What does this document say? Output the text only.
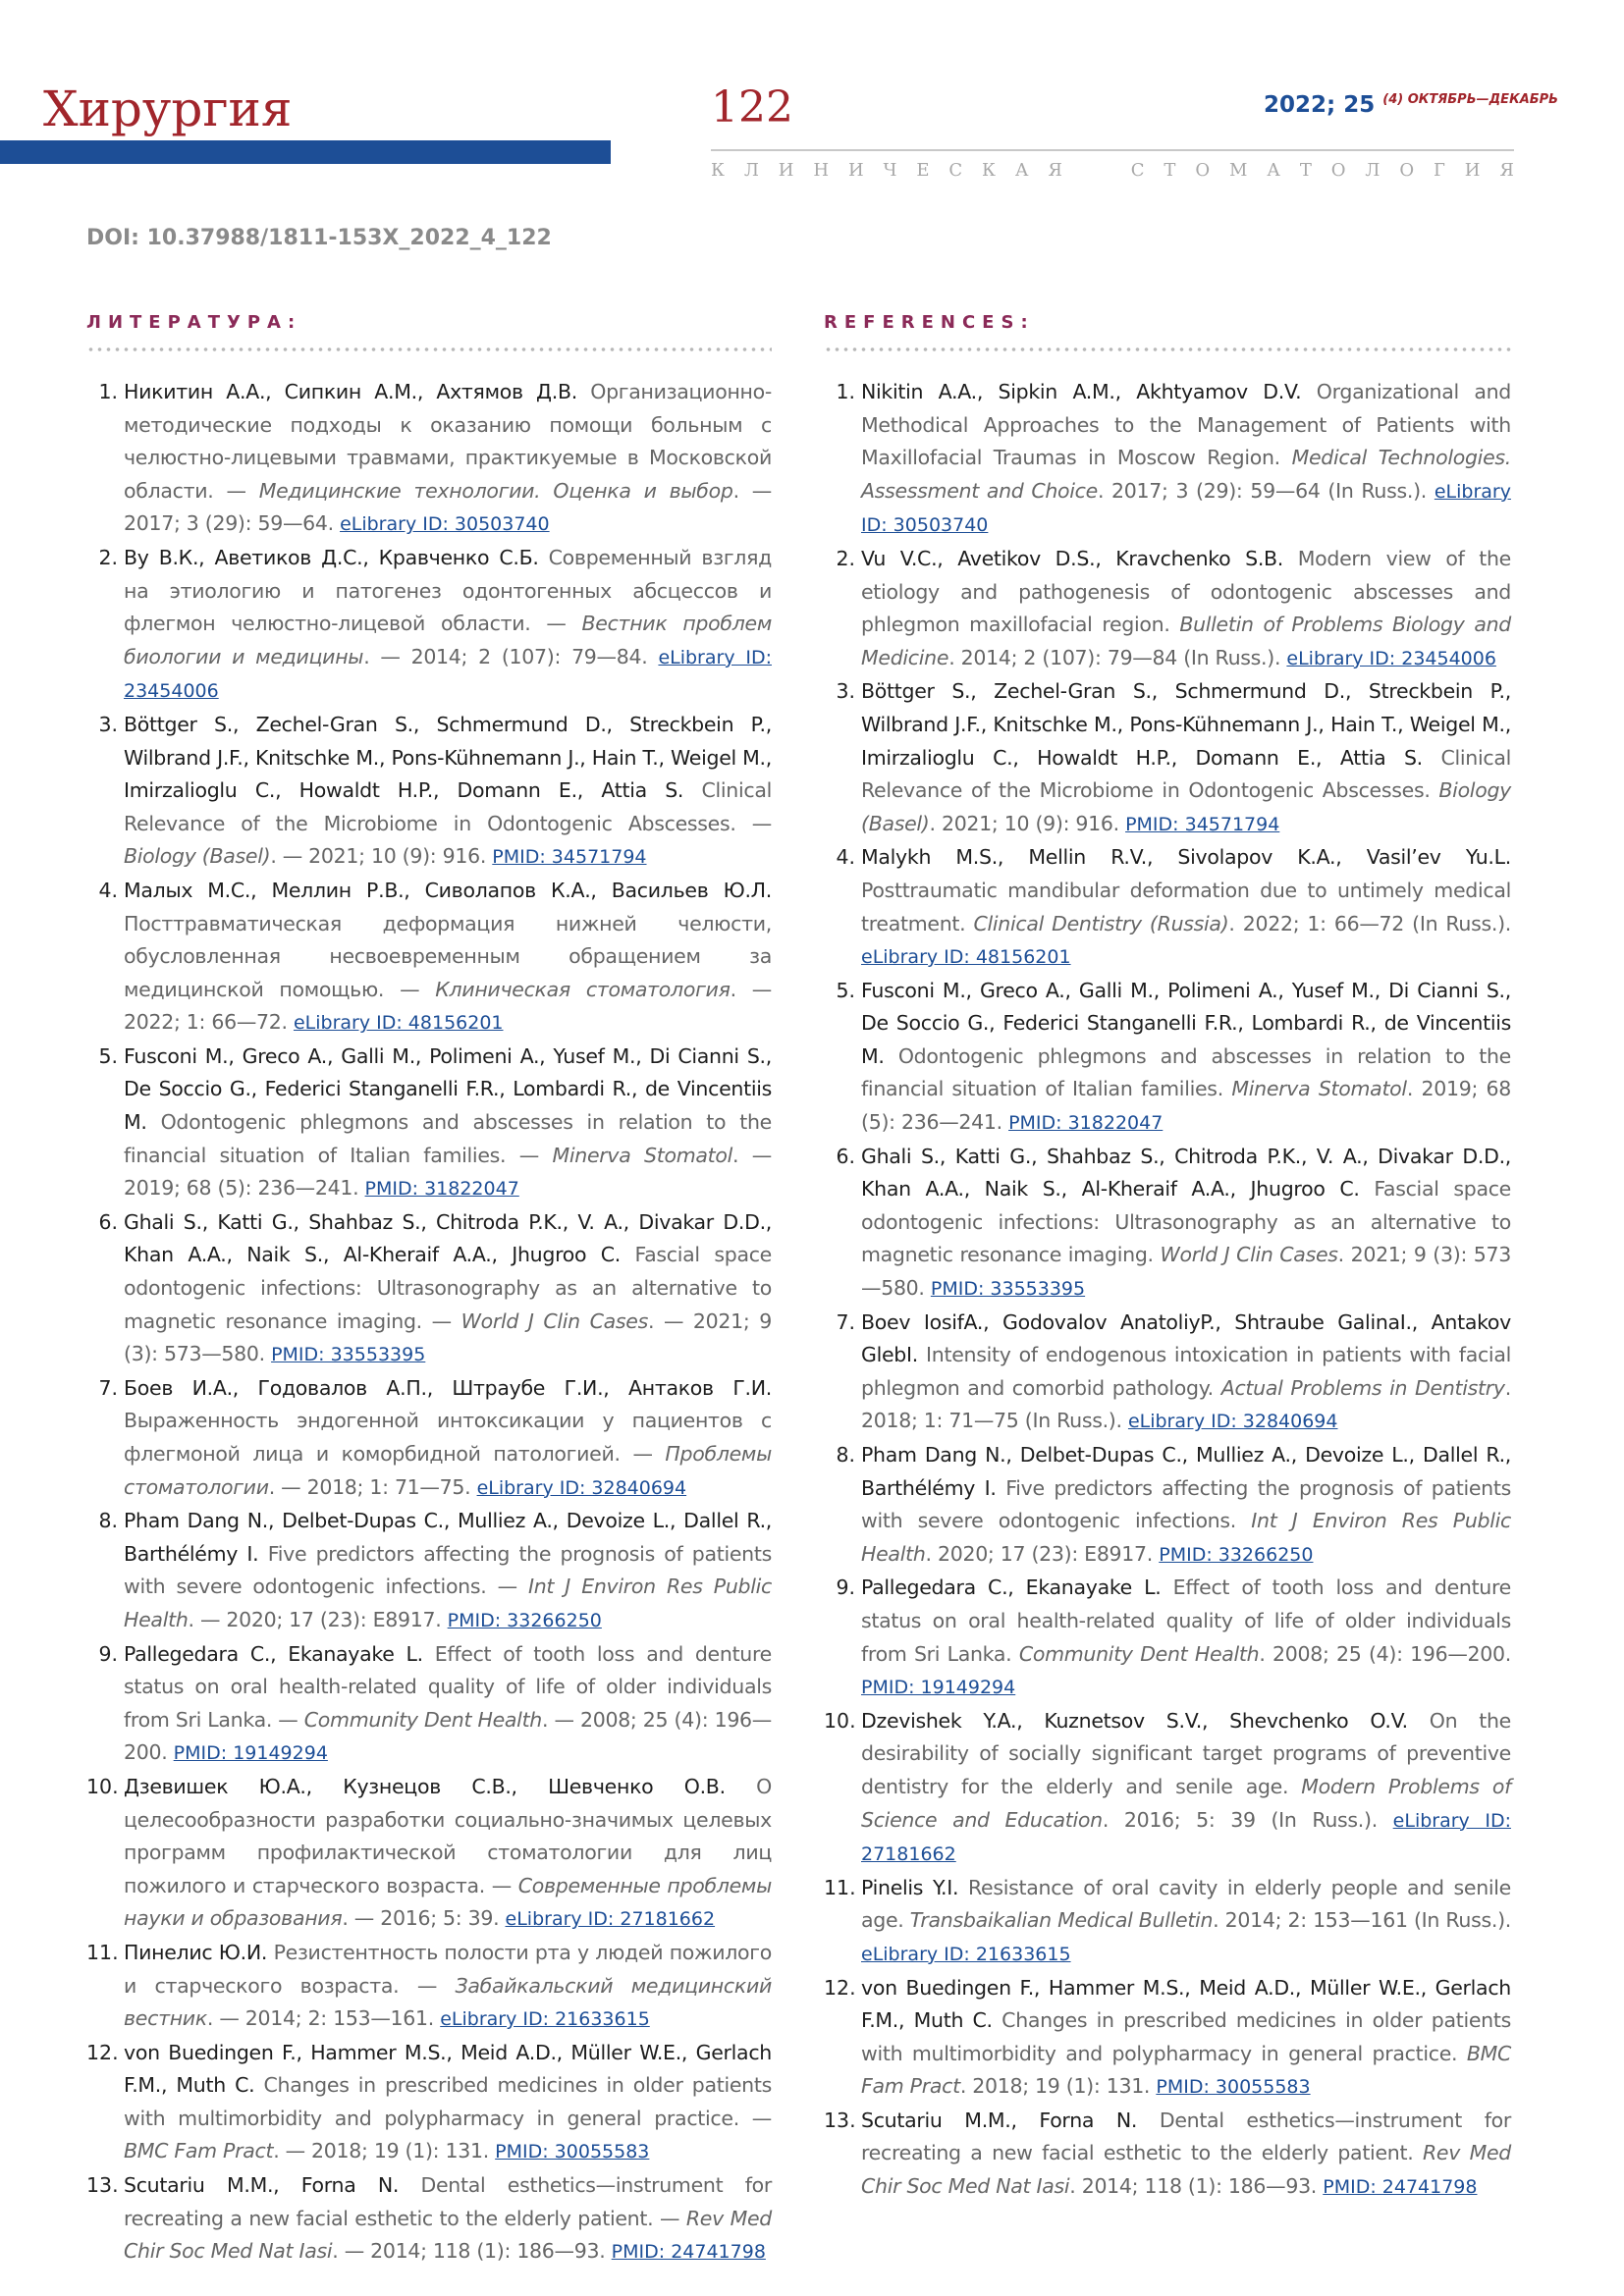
Хирургия	122	2022; 25 $^{(4) ОКТЯБРЬ—ДЕКАБРЬ}$
К Л И Н И Ч Е С К А Я	С Т О М А Т О Л О Г И Я
DOI: 10.37988/1811-153X_2022_4_122
ЛИТЕРАТУРА:
1. Никитин А.А., Сипкин А.М., Ахтямов Д.В. Организационно-методические подходы к оказанию помощи больным с челюстно-лицевыми травмами, практикуемые в Московской области. — Медицинские технологии. Оценка и выбор. — 2017; 3 (29): 59—64. eLibrary ID: 30503740
2. Ву В.К., Аветиков Д.С., Кравченко С.Б. Современный взгляд на этиологию и патогенез одонтогенных абсцессов и флегмон челюстно-лицевой области. — Вестник проблем биологии и медицины. — 2014; 2 (107): 79—84. eLibrary ID: 23454006
3. Böttger S., Zechel-Gran S., Schmermund D., Streckbein P., Wilbrand J.F., Knitschke M., Pons-Kühnemann J., Hain T., Weigel M., Imirzalioglu C., Howaldt H.P., Domann E., Attia S. Clinical Relevance of the Microbiome in Odontogenic Abscesses. — Biology (Basel). — 2021; 10 (9): 916. PMID: 34571794
4. Малых М.С., Меллин Р.В., Сиволапов К.А., Васильев Ю.Л. Посттравматическая деформация нижней челюсти, обусловленная несвоевременным обращением за медицинской помощью. — Клиническая стоматология. — 2022; 1: 66—72. eLibrary ID: 48156201
5. Fusconi M., Greco A., Galli M., Polimeni A., Yusef M., Di Cianni S., De Soccio G., Federici Stanganelli F.R., Lombardi R., de Vincentiis M. Odontogenic phlegmons and abscesses in relation to the financial situation of Italian families. — Minerva Stomatol. — 2019; 68 (5): 236—241. PMID: 31822047
6. Ghali S., Katti G., Shahbaz S., Chitroda P.K., V. A., Divakar D.D., Khan A.A., Naik S., Al-Kheraif A.A., Jhugroo C. Fascial space odontogenic infections: Ultrasonography as an alternative to magnetic resonance imaging. — World J Clin Cases. — 2021; 9 (3): 573—580. PMID: 33553395
7. Боев И.А., Годовалов А.П., Штраубе Г.И., Антаков Г.И. Выраженность эндогенной интоксикации у пациентов с флегмоной лица и коморбидной патологией. — Проблемы стоматологии. — 2018; 1: 71—75. eLibrary ID: 32840694
8. Pham Dang N., Delbet-Dupas C., Mulliez A., Devoize L., Dallel R., Barthélémy I. Five predictors affecting the prognosis of patients with severe odontogenic infections. — Int J Environ Res Public Health. — 2020; 17 (23): E8917. PMID: 33266250
9. Pallegedara C., Ekanayake L. Effect of tooth loss and denture status on oral health-related quality of life of older individuals from Sri Lanka. — Community Dent Health. — 2008; 25 (4): 196—200. PMID: 19149294
10. Дзевишек Ю.А., Кузнецов С.В., Шевченко О.В. О целесообразности разработки социально-значимых целевых программ профилактической стоматологии для лиц пожилого и старческого возраста. — Современные проблемы науки и образования. — 2016; 5: 39. eLibrary ID: 27181662
11. Пинелис Ю.И. Резистентность полости рта у людей пожилого и старческого возраста. — Забайкальский медицинский вестник. — 2014; 2: 153—161. eLibrary ID: 21633615
12. von Buedingen F., Hammer M.S., Meid A.D., Müller W.E., Gerlach F.M., Muth C. Changes in prescribed medicines in older patients with multimorbidity and polypharmacy in general practice. — BMC Fam Pract. — 2018; 19 (1): 131. PMID: 30055583
13. Scutariu M.M., Forna N. Dental esthetics—instrument for recreating a new facial esthetic to the elderly patient. — Rev Med Chir Soc Med Nat Iasi. — 2014; 118 (1): 186—93. PMID: 24741798
REFERENCES:
1. Nikitin A.A., Sipkin A.M., Akhtyamov D.V. Organizational and Methodical Approaches to the Management of Patients with Maxillofacial Traumas in Moscow Region. Medical Technologies. Assessment and Choice. 2017; 3 (29): 59—64 (In Russ.). eLibrary ID: 30503740
2. Vu V.C., Avetikov D.S., Kravchenko S.B. Modern view of the etiology and pathogenesis of odontogenic abscesses and phlegmon maxillofacial region. Bulletin of Problems Biology and Medicine. 2014; 2 (107): 79—84 (In Russ.). eLibrary ID: 23454006
3. Böttger S., Zechel-Gran S., Schmermund D., Streckbein P., Wilbrand J.F., Knitschke M., Pons-Kühnemann J., Hain T., Weigel M., Imirzalioglu C., Howaldt H.P., Domann E., Attia S. Clinical Relevance of the Microbiome in Odontogenic Abscesses. Biology (Basel). 2021; 10 (9): 916. PMID: 34571794
4. Malykh M.S., Mellin R.V., Sivolapov K.A., Vasil’ev Yu.L. Posttraumatic mandibular deformation due to untimely medical treatment. Clinical Dentistry (Russia). 2022; 1: 66—72 (In Russ.). eLibrary ID: 48156201
5. Fusconi M., Greco A., Galli M., Polimeni A., Yusef M., Di Cianni S., De Soccio G., Federici Stanganelli F.R., Lombardi R., de Vincentiis M. Odontogenic phlegmons and abscesses in relation to the financial situation of Italian families. Minerva Stomatol. 2019; 68 (5): 236—241. PMID: 31822047
6. Ghali S., Katti G., Shahbaz S., Chitroda P.K., V. A., Divakar D.D., Khan A.A., Naik S., Al-Kheraif A.A., Jhugroo C. Fascial space odontogenic infections: Ultrasonography as an alternative to magnetic resonance imaging. World J Clin Cases. 2021; 9 (3): 573—580. PMID: 33553395
7. Boev IosifA., Godovalov AnatoliyP., Shtraube GalinaI., Antakov GlebI. Intensity of endogenous intoxication in patients with facial phlegmon and comorbid pathology. Actual Problems in Dentistry. 2018; 1: 71—75 (In Russ.). eLibrary ID: 32840694
8. Pham Dang N., Delbet-Dupas C., Mulliez A., Devoize L., Dallel R., Barthélémy I. Five predictors affecting the prognosis of patients with severe odontogenic infections. Int J Environ Res Public Health. 2020; 17 (23): E8917. PMID: 33266250
9. Pallegedara C., Ekanayake L. Effect of tooth loss and denture status on oral health-related quality of life of older individuals from Sri Lanka. Community Dent Health. 2008; 25 (4): 196—200. PMID: 19149294
10. Dzevishek Y.A., Kuznetsov S.V., Shevchenko O.V. On the desirability of socially significant target programs of preventive dentistry for the elderly and senile age. Modern Problems of Science and Education. 2016; 5: 39 (In Russ.). eLibrary ID: 27181662
11. Pinelis Y.I. Resistance of oral cavity in elderly people and senile age. Transbaikalian Medical Bulletin. 2014; 2: 153—161 (In Russ.). eLibrary ID: 21633615
12. von Buedingen F., Hammer M.S., Meid A.D., Müller W.E., Gerlach F.M., Muth C. Changes in prescribed medicines in older patients with multimorbidity and polypharmacy in general practice. BMC Fam Pract. 2018; 19 (1): 131. PMID: 30055583
13. Scutariu M.M., Forna N. Dental esthetics—instrument for recreating a new facial esthetic to the elderly patient. Rev Med Chir Soc Med Nat Iasi. 2014; 118 (1): 186—93. PMID: 24741798
